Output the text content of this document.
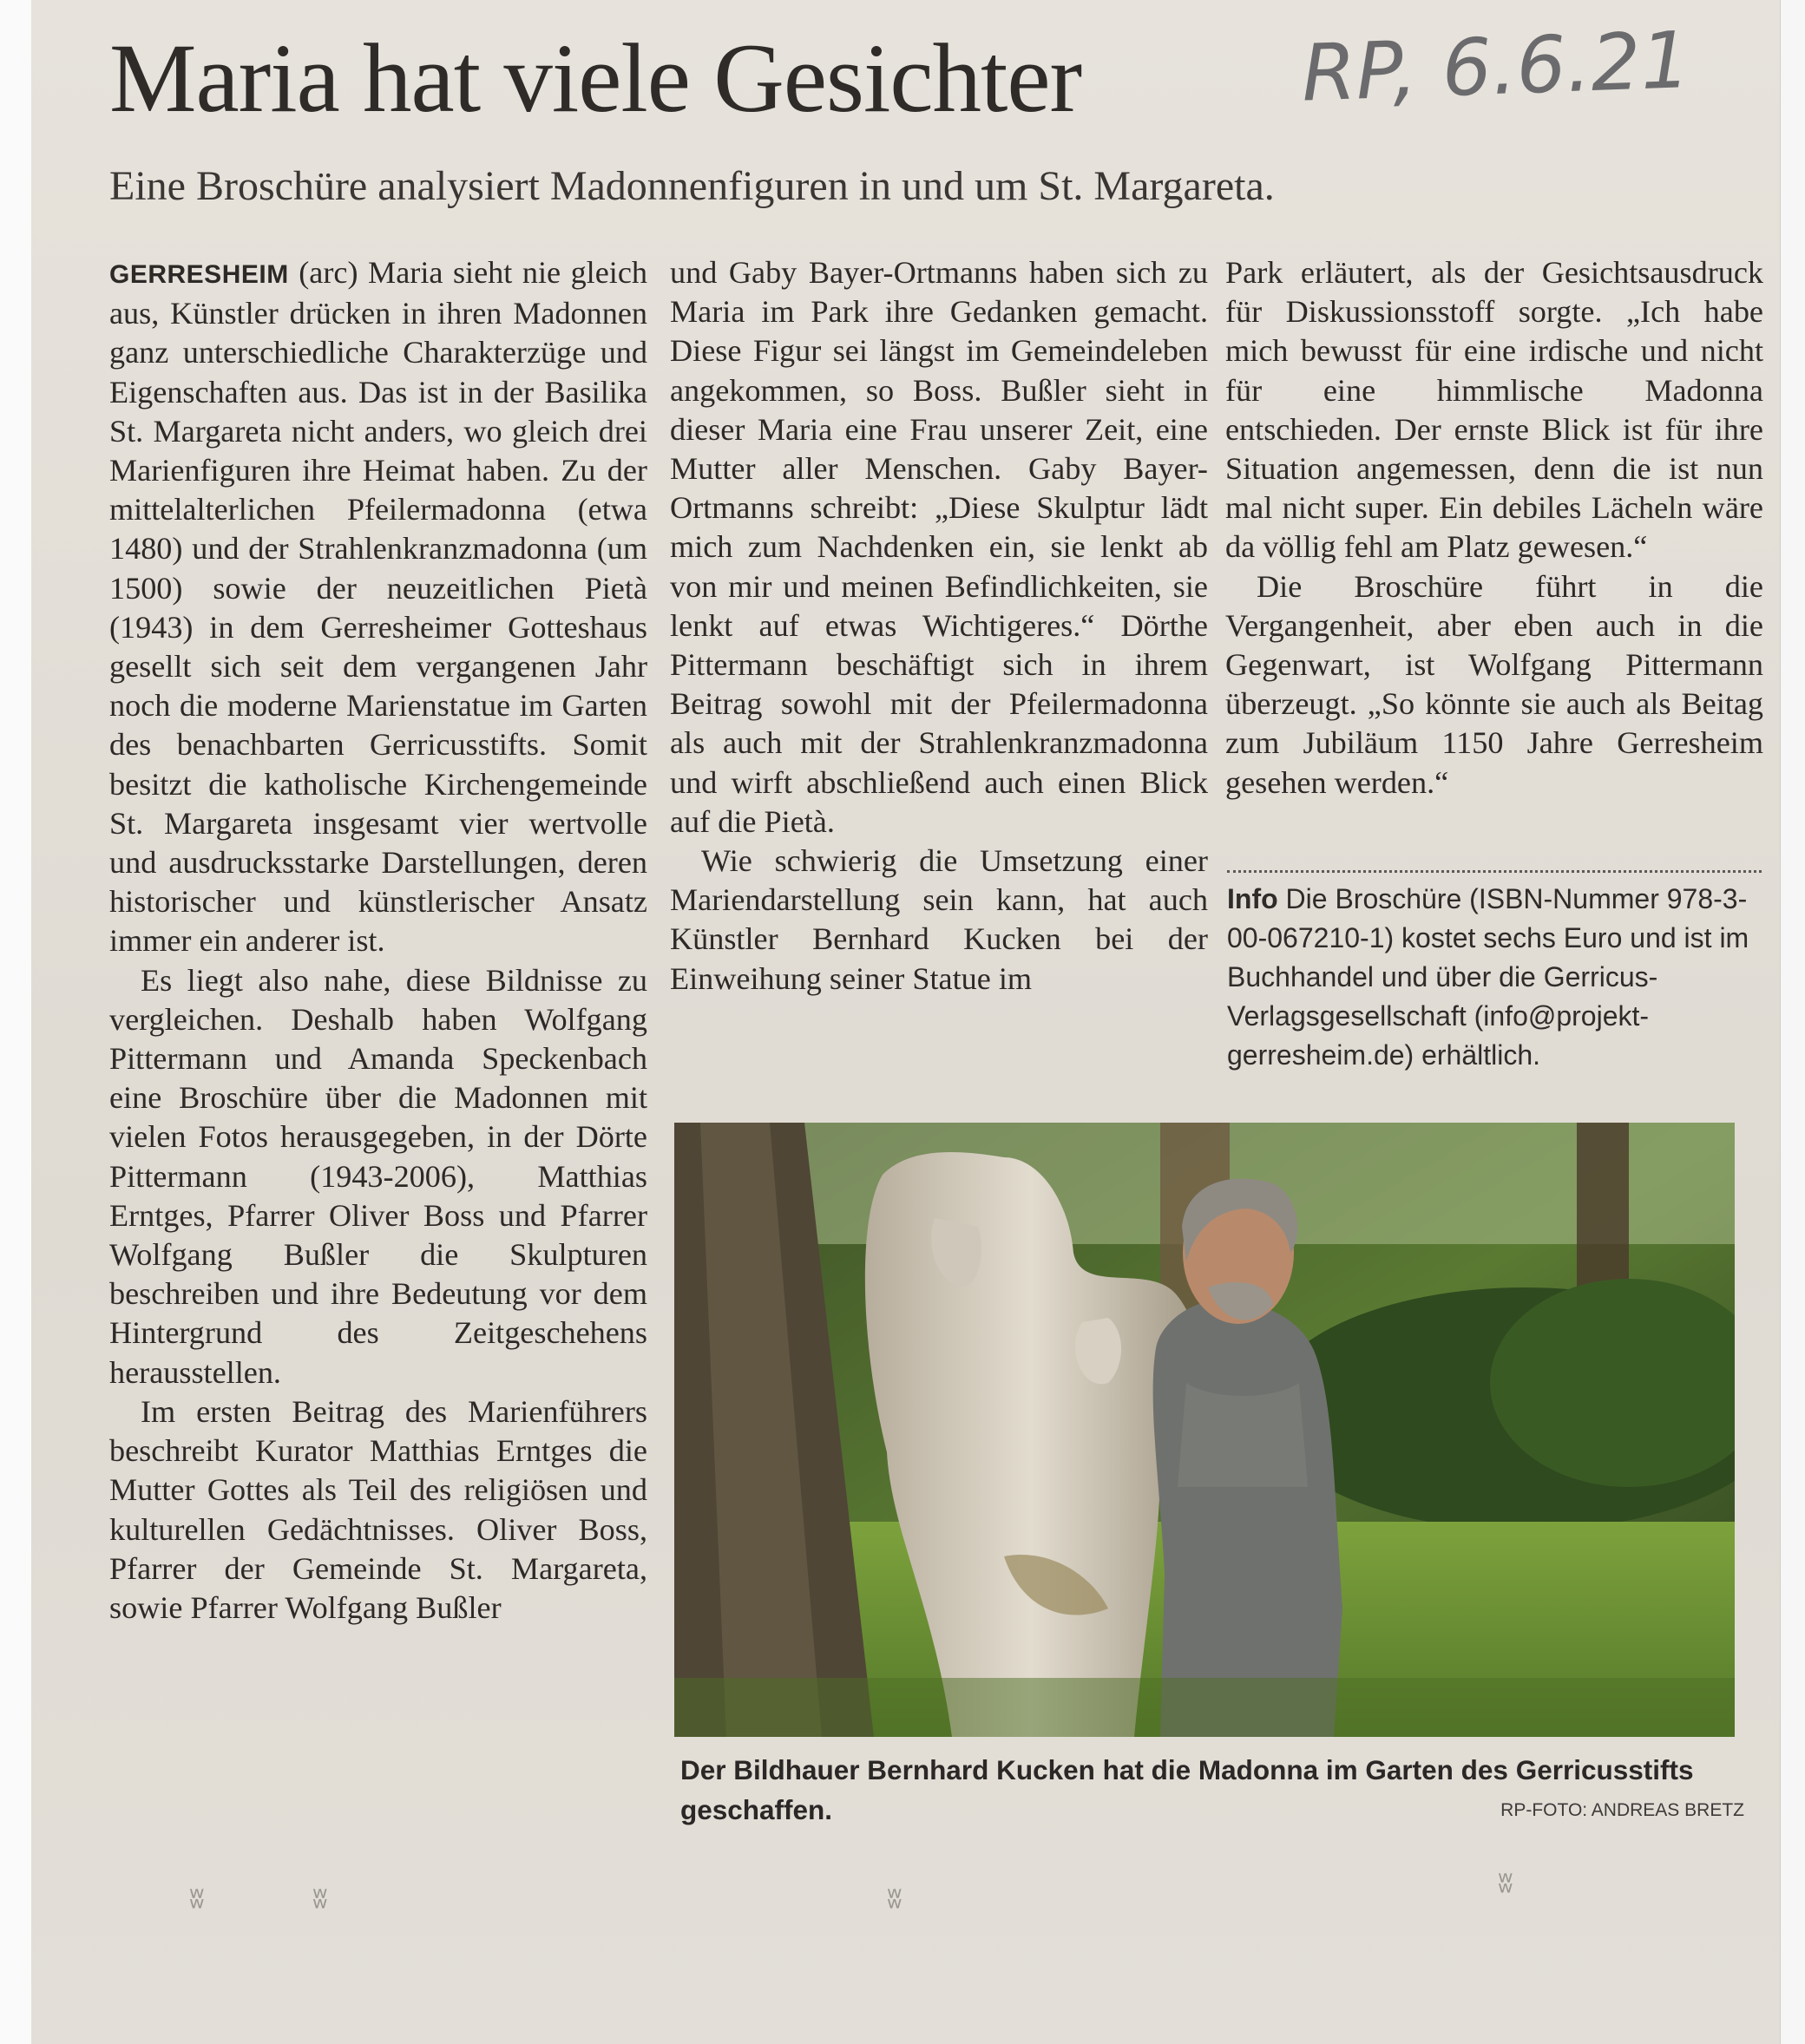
Maria hat viele Gesichter	RP, 6.6.21
Eine Broschüre analysiert Madonnenfiguren in und um St. Margareta.

GERRESHEIM (arc) Maria sieht nie gleich aus, Künstler drücken in ihren Madonnen ganz unterschiedliche Charakterzüge und Eigenschaften aus. Das ist in der Basilika St. Margareta nicht anders, wo gleich drei Marienfiguren ihre Heimat haben. Zu der mittelalterlichen Pfeilermadonna (etwa 1480) und der Strahlenkranzmadonna (um 1500) sowie der neuzeitlichen Pietà (1943) in dem Gerresheimer Gotteshaus gesellt sich seit dem vergangenen Jahr noch die moderne Marienstatue im Garten des benachbarten Gerricusstifts. Somit besitzt die katholische Kirchengemeinde St. Margareta insgesamt vier wertvolle und ausdrucksstarke Darstellungen, deren historischer und künstlerischer Ansatz immer ein anderer ist.

Es liegt also nahe, diese Bildnisse zu vergleichen. Deshalb haben Wolfgang Pittermann und Amanda Speckenbach eine Broschüre über die Madonnen mit vielen Fotos herausgegeben, in der Dörte Pittermann (1943-2006), Matthias Erntges, Pfarrer Oliver Boss und Pfarrer Wolfgang Bußler die Skulpturen beschreiben und ihre Bedeutung vor dem Hintergrund des Zeitgeschehens herausstellen.

Im ersten Beitrag des Marienführers beschreibt Kurator Matthias Erntges die Mutter Gottes als Teil des religiösen und kulturellen Gedächtnisses. Oliver Boss, Pfarrer der Gemeinde St. Margareta, sowie Pfarrer Wolfgang Bußler

und Gaby Bayer-Ortmanns haben sich zu Maria im Park ihre Gedanken gemacht. Diese Figur sei längst im Gemeindeleben angekommen, so Boss. Bußler sieht in dieser Maria eine Frau unserer Zeit, eine Mutter aller Menschen. Gaby Bayer-Ortmanns schreibt: „Diese Skulptur lädt mich zum Nachdenken ein, sie lenkt ab von mir und meinen Befindlichkeiten, sie lenkt auf etwas Wichtigeres.“ Dörthe Pittermann beschäftigt sich in ihrem Beitrag sowohl mit der Pfeilermadonna als auch mit der Strahlenkranzmadonna und wirft abschließend auch einen Blick auf die Pietà.

Wie schwierig die Umsetzung einer Mariendarstellung sein kann, hat auch Künstler Bernhard Kucken bei der Einweihung seiner Statue im

Park erläutert, als der Gesichtsausdruck für Diskussionsstoff sorgte. „Ich habe mich bewusst für eine irdische und nicht für eine himmlische Madonna entschieden. Der ernste Blick ist für ihre Situation angemessen, denn die ist nun mal nicht super. Ein debiles Lächeln wäre da völlig fehl am Platz gewesen.“

Die Broschüre führt in die Vergangenheit, aber eben auch in die Gegenwart, ist Wolfgang Pittermann überzeugt. „So könnte sie auch als Beitag zum Jubiläum 1150 Jahre Gerresheim gesehen werden.“

Info Die Broschüre (ISBN-Nummer 978-3-00-067210-1) kostet sechs Euro und ist im Buchhandel und über die Gerricus-Verlagsgesellschaft (info@projekt-gerresheim.de) erhältlich.
Der Bildhauer Bernhard Kucken hat die Madonna im Garten des Gerricusstifts geschaffen.	RP-FOTO: ANDREAS BRETZ
ʬ	ʬ	ʬ	ʬ
